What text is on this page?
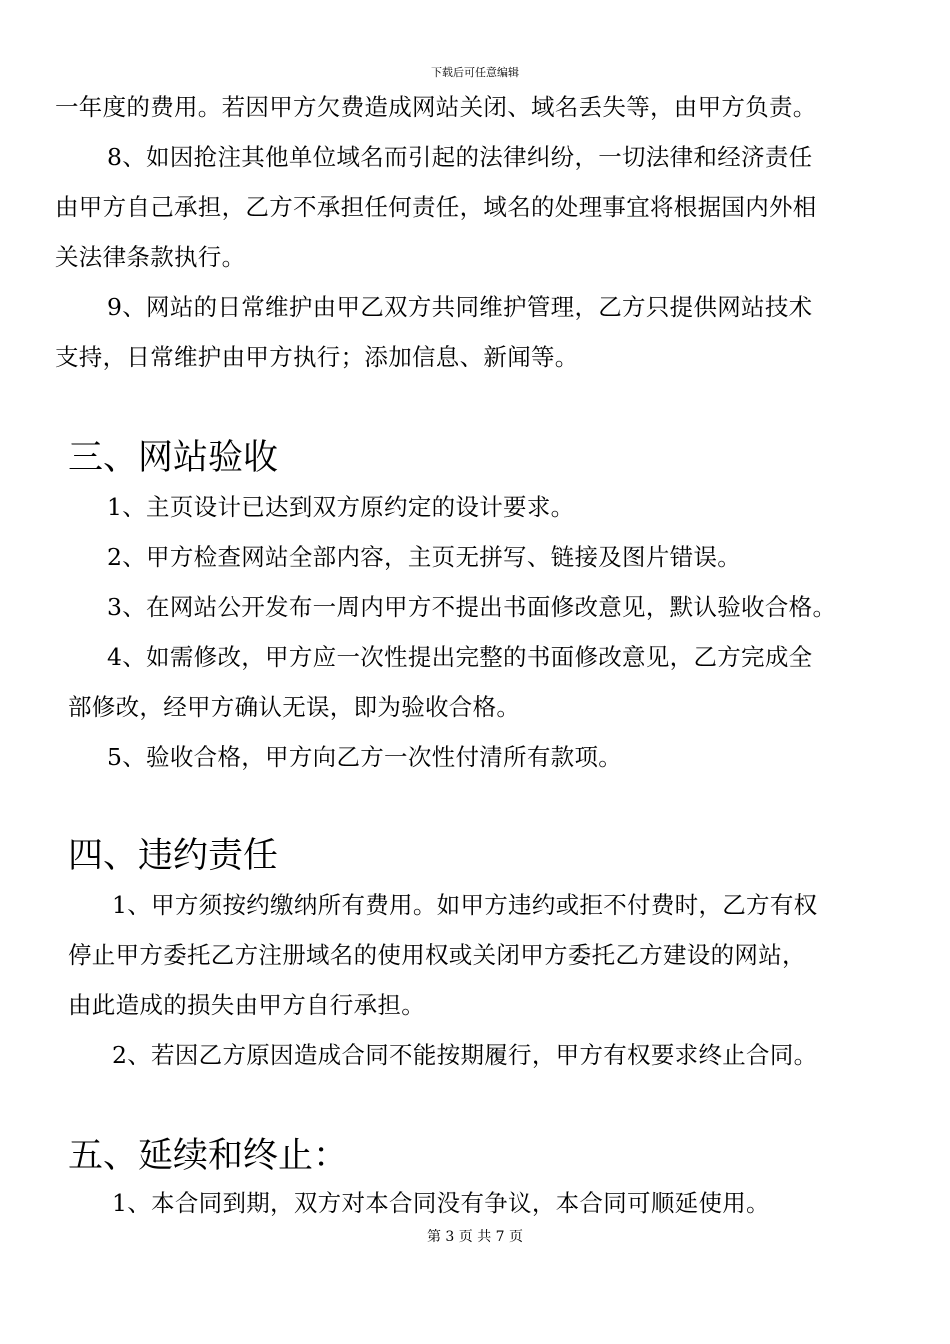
下载后可任意编辑
一年度的费用。若因甲方欠费造成网站关闭、域名丢失等，由甲方负责。
8、如因抢注其他单位域名而引起的法律纠纷，一切法律和经济责任
由甲方自己承担，乙方不承担任何责任，域名的处理事宜将根据国内外相
关法律条款执行。
9、网站的日常维护由甲乙双方共同维护管理，乙方只提供网站技术
支持，日常维护由甲方执行；添加信息、新闻等。
三、网站验收
1、主页设计已达到双方原约定的设计要求。
2、甲方检查网站全部内容，主页无拼写、链接及图片错误。
3、在网站公开发布一周内甲方不提出书面修改意见，默认验收合格。
4、如需修改，甲方应一次性提出完整的书面修改意见，乙方完成全
部修改，经甲方确认无误，即为验收合格。
5、验收合格，甲方向乙方一次性付清所有款项。
四、违约责任
1、甲方须按约缴纳所有费用。如甲方违约或拒不付费时，乙方有权
停止甲方委托乙方注册域名的使用权或关闭甲方委托乙方建设的网站，
由此造成的损失由甲方自行承担。
2、若因乙方原因造成合同不能按期履行，甲方有权要求终止合同。
五、延续和终止：
1、本合同到期，双方对本合同没有争议，本合同可顺延使用。
第 3 页 共 7 页
